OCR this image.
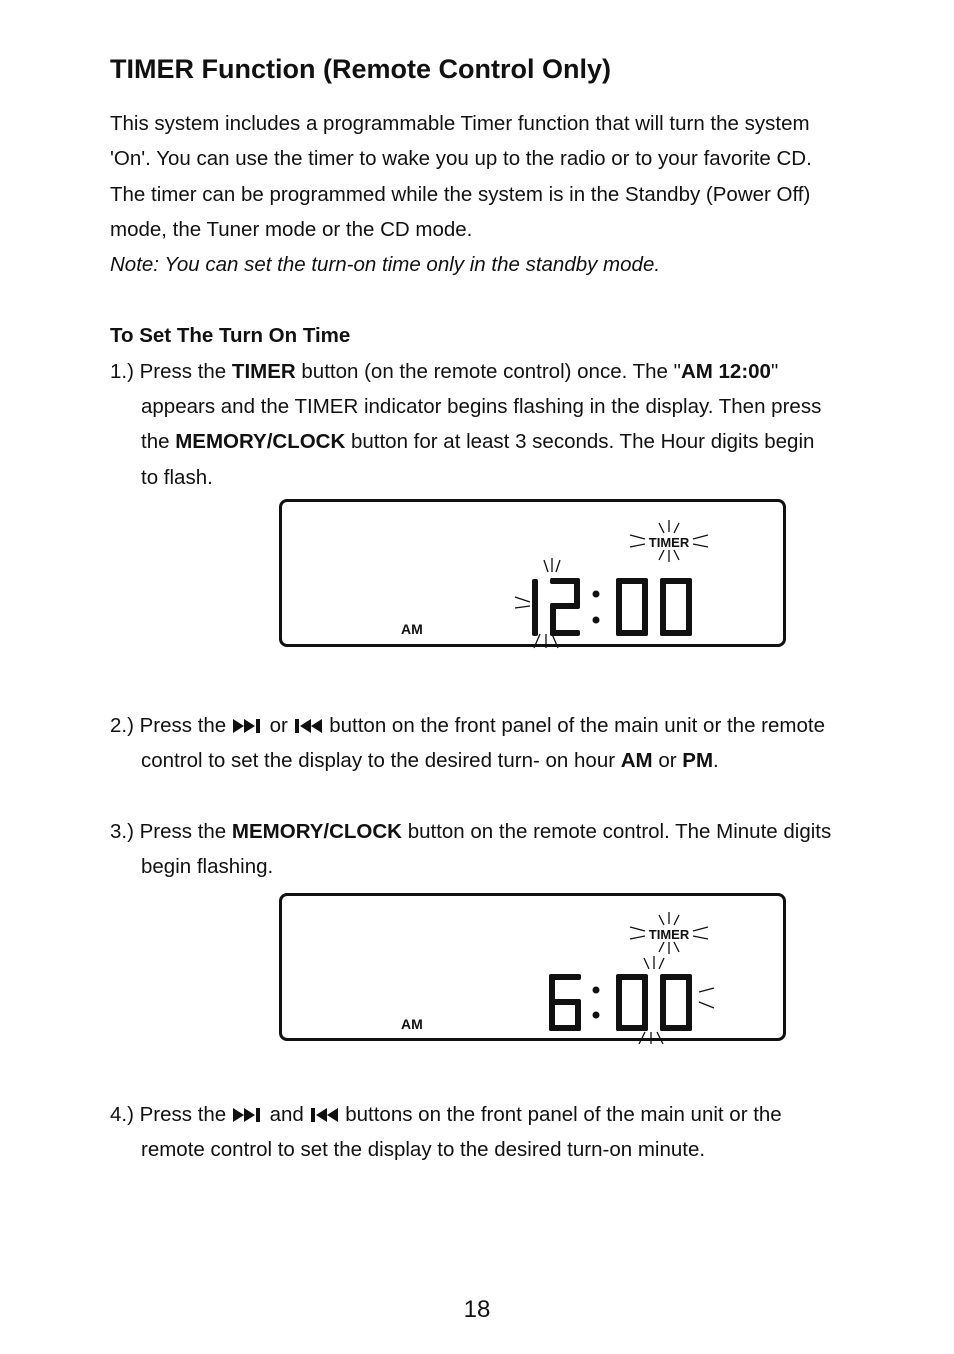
TIMER Function (Remote Control Only)
This system includes a programmable Timer function that will turn the system
'On'. You can use the timer to wake you up to the radio or to your favorite CD.
The timer can be programmed while the system is in the Standby (Power Off)
mode, the Tuner mode or the CD mode.
Note: You can set the turn-on time only in the standby mode.
To Set The Turn On Time
1.) Press the TIMER button (on the remote control) once. The "AM 12:00"
appears and the TIMER indicator begins flashing in the display. Then press
the MEMORY/CLOCK button for at least 3 seconds. The Hour digits begin
to flash.
TIMER
AM
2.) Press the  or  button on the front panel of the main unit or the remote
control to set the display to the desired turn- on hour AM or PM.
3.) Press the MEMORY/CLOCK button on the remote control. The Minute digits
begin flashing.
TIMER
AM
4.) Press the  and  buttons on the front panel of the main unit or the
remote control to set the display to the desired turn-on minute.
18
